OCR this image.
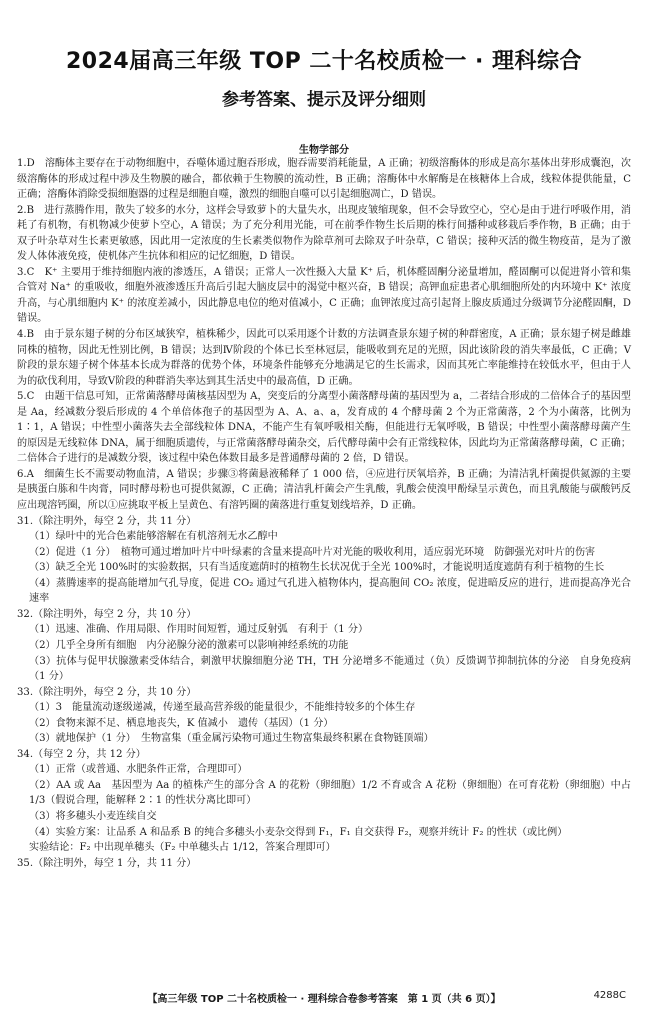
2024届高三年级 TOP 二十名校质检一 · 理科综合
参考答案、提示及评分细则
生物学部分

1.D　溶酶体主要存在于动物细胞中，吞噬体通过胞吞形成，胞吞需要消耗能量，A 正确；初级溶酶体的形成是高尔基体出芽形成囊泡，次级溶酶体的形成过程中涉及生物膜的融合，都依赖于生物膜的流动性，B 正确；溶酶体中水解酶是在核糖体上合成，线粒体提供能量，C 正确；溶酶体消除受损细胞器的过程是细胞自噬，激烈的细胞自噬可以引起细胞凋亡，D 错误。

2.B　进行蒸腾作用，散失了较多的水分，这样会导致萝卜的大量失水，出现皮皱缩现象，但不会导致空心，空心是由于进行呼吸作用，消耗了有机物，有机物减少使萝卜空心，A 错误；为了充分利用光能，可在前季作物生长后期的株行间播种或移栽后季作物，B 正确；由于双子叶杂草对生长素更敏感，因此用一定浓度的生长素类似物作为除草剂可去除双子叶杂草，C 错误；接种灭活的微生物疫苗，是为了激发人体体液免疫，使机体产生抗体和相应的记忆细胞，D 错误。

3.C　K⁺ 主要用于维持细胞内液的渗透压，A 错误；正常人一次性摄入大量 K⁺ 后，机体醛固酮分泌量增加，醛固酮可以促进肾小管和集合管对 Na⁺ 的重吸收，细胞外液渗透压升高后引起大脑皮层中的渴觉中枢兴奋，B 错误；高钾血症患者心肌细胞所处的内环境中 K⁺ 浓度升高，与心肌细胞内 K⁺ 的浓度差减小，因此静息电位的绝对值减小，C 正确；血钾浓度过高引起肾上腺皮质通过分级调节分泌醛固酮，D 错误。

4.B　由于景东翅子树的分布区域狭窄，植株稀少，因此可以采用逐个计数的方法调查景东翅子树的种群密度，A 正确；景东翅子树是雌雄同株的植物，因此无性别比例，B 错误；达到Ⅳ阶段的个体已长至林冠层，能吸收到充足的光照，因此该阶段的消失率最低，C 正确；Ⅴ阶段的景东翅子树个体基本长成为群落的优势个体，环境条件能够充分地满足它的生长需求，因而其死亡率能维持在较低水平，但由于人为的砍伐利用，导致Ⅴ阶段的种群消失率达到其生活史中的最高值，D 正确。

5.C　由题干信息可知，正常菌落酵母菌核基因型为 A，突变后的分离型小菌落酵母菌的基因型为 a，二者结合形成的二倍体合子的基因型是 Aa，经减数分裂后形成的 4 个单倍体孢子的基因型为 A、A、a、a，发育成的 4 个酵母菌 2 个为正常菌落，2 个为小菌落，比例为 1∶1，A 错误；中性型小菌落失去全部线粒体 DNA，不能产生有氧呼吸相关酶，但能进行无氧呼吸，B 错误；中性型小菌落酵母菌产生的原因是无线粒体 DNA，属于细胞质遗传，与正常菌落酵母菌杂交，后代酵母菌中会有正常线粒体，因此均为正常菌落酵母菌，C 正确；二倍体合子进行的是减数分裂，该过程中染色体数目最多是普通酵母菌的 2 倍，D 错误。

6.A　细菌生长不需要动物血清，A 错误；步骤③将菌悬液稀释了 1 000 倍，④应进行厌氧培养，B 正确；为清洁乳杆菌提供氮源的主要是胰蛋白胨和牛肉膏，同时酵母粉也可提供氮源，C 正确；清洁乳杆菌会产生乳酸，乳酸会使溴甲酚绿呈示黄色，而且乳酸能与碳酸钙反应出现溶钙圈，所以①应挑取平板上呈黄色、有溶钙圈的菌落进行重复划线培养，D 正确。

31.（除注明外，每空 2 分，共 11 分）

（1）绿叶中的光合色素能够溶解在有机溶剂无水乙醇中

（2）促进（1 分）　植物可通过增加叶片中叶绿素的含量来提高叶片对光能的吸收利用，适应弱光环境　防御强光对叶片的伤害

（3）缺乏全光 100%时的实验数据，只有当适度遮荫时的植物生长状况优于全光 100%时，才能说明适度遮荫有利于植物的生长

（4）蒸腾速率的提高能增加气孔导度，促进 CO₂ 通过气孔进入植物体内，提高胞间 CO₂ 浓度，促进暗反应的进行，进而提高净光合速率

32.（除注明外，每空 2 分，共 10 分）

（1）迅速、准确、作用局限、作用时间短暂，通过反射弧　有利于（1 分）

（2）几乎全身所有细胞　内分泌腺分泌的激素可以影响神经系统的功能

（3）抗体与促甲状腺激素受体结合，刺激甲状腺细胞分泌 TH，TH 分泌增多不能通过（负）反馈调节抑制抗体的分泌　自身免疫病（1 分）

33.（除注明外，每空 2 分，共 10 分）

（1）3　能量流动逐级递减，传递至最高营养级的能量很少，不能维持较多的个体生存

（2）食物来源不足、栖息地丧失，K 值减小　遗传（基因）（1 分）

（3）就地保护（1 分）　生物富集（重金属污染物可通过生物富集最终积累在食物链顶端）

34.（每空 2 分，共 12 分）

（1）正常（或普通、水肥条件正常，合理即可）

（2）AA 或 Aa　基因型为 Aa 的植株产生的部分含 A 的花粉（卵细胞）1/2 不育或含 A 花粉（卵细胞）在可育花粉（卵细胞）中占 1/3（假说合理，能解释 2∶1 的性状分离比即可）

（3）将多穗头小麦连续自交

（4）实验方案：让品系 A 和品系 B 的纯合多穗头小麦杂交得到 F₁，F₁ 自交获得 F₂，观察并统计 F₂ 的性状（或比例）

实验结论：F₂ 中出现单穗头（F₂ 中单穗头占 1/12，答案合理即可）

35.（除注明外，每空 1 分，共 11 分）

【高三年级 TOP 二十名校质检一 · 理科综合卷参考答案　第 1 页（共 6 页）】	4288C
